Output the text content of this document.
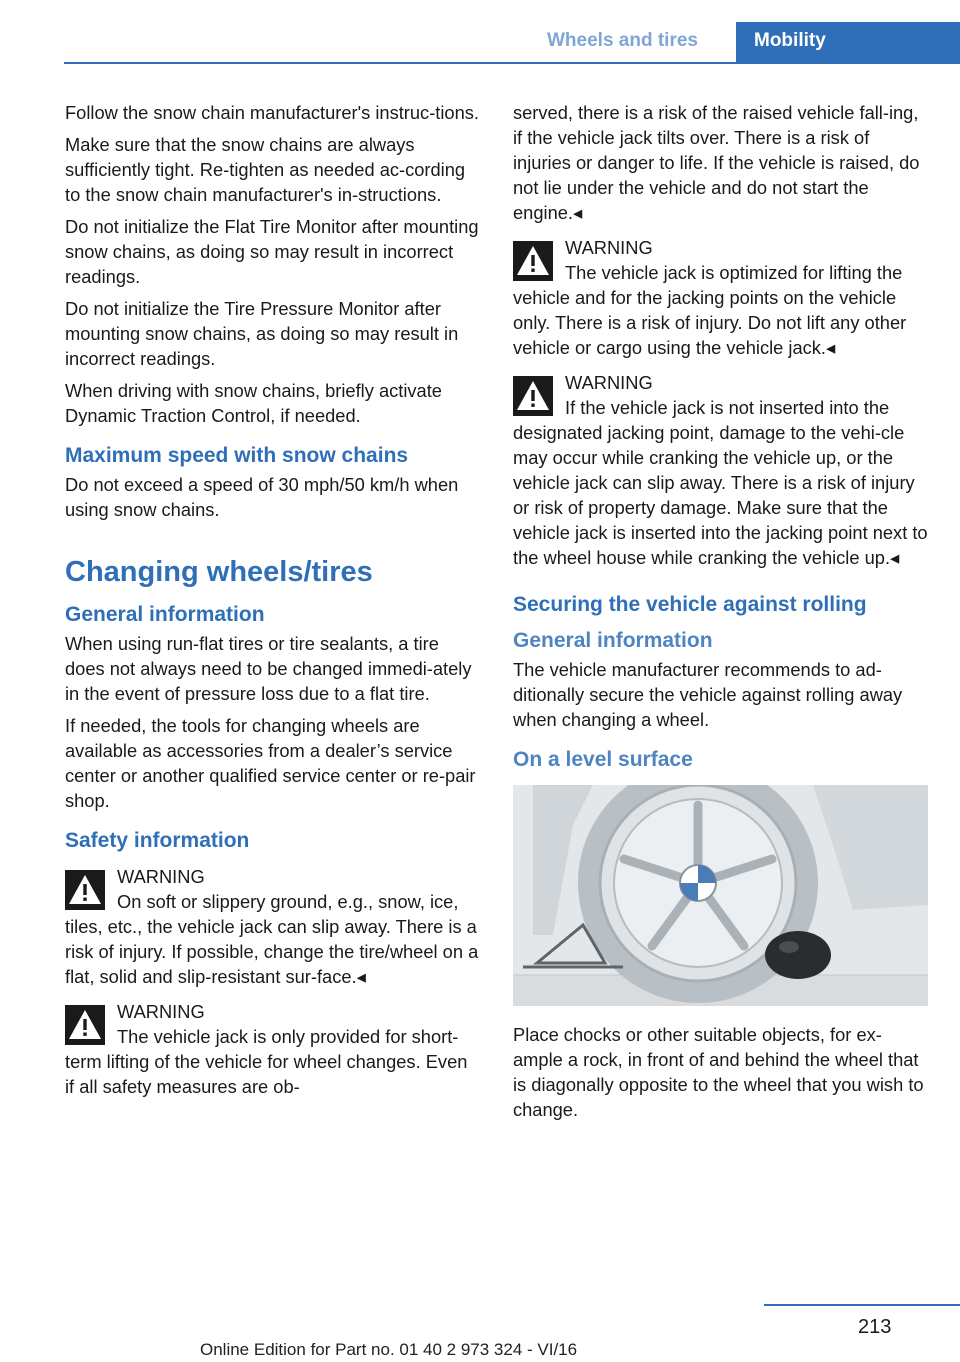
Wheels and tires	Mobility

Follow the snow chain manufacturer's instruc-tions.

Make sure that the snow chains are always sufficiently tight. Re-tighten as needed ac-cording to the snow chain manufacturer's in-structions.

Do not initialize the Flat Tire Monitor after mounting snow chains, as doing so may result in incorrect readings.

Do not initialize the Tire Pressure Monitor after mounting snow chains, as doing so may result in incorrect readings.

When driving with snow chains, briefly activate Dynamic Traction Control, if needed.

Maximum speed with snow chains

Do not exceed a speed of 30 mph/50 km/h when using snow chains.

Changing wheels/tires
General information

When using run-flat tires or tire sealants, a tire does not always need to be changed immedi-ately in the event of pressure loss due to a flat tire.

If needed, the tools for changing wheels are available as accessories from a dealer’s service center or another qualified service center or re-pair shop.

Safety information
WARNING
On soft or slippery ground, e.g., snow, ice, tiles, etc., the vehicle jack can slip away. There is a risk of injury. If possible, change the tire/wheel on a flat, solid and slip-resistant sur-face.◂
WARNING
The vehicle jack is only provided for short-term lifting of the vehicle for wheel changes. Even if all safety measures are ob-

served, there is a risk of the raised vehicle fall-ing, if the vehicle jack tilts over. There is a risk of injuries or danger to life. If the vehicle is raised, do not lie under the vehicle and do not start the engine.◂

WARNING
The vehicle jack is optimized for lifting the vehicle and for the jacking points on the vehicle only. There is a risk of injury. Do not lift any other vehicle or cargo using the vehicle jack.◂
WARNING
If the vehicle jack is not inserted into the designated jacking point, damage to the vehi-cle may occur while cranking the vehicle up, or the vehicle jack can slip away. There is a risk of injury or risk of property damage. Make sure that the vehicle jack is inserted into the jacking point next to the wheel house while cranking the vehicle up.◂
Securing the vehicle against rolling
General information

The vehicle manufacturer recommends to ad-ditionally secure the vehicle against rolling away when changing a wheel.

On a level surface

Place chocks or other suitable objects, for ex-ample a rock, in front of and behind the wheel that is diagonally opposite to the wheel that you wish to change.

213
Online Edition for Part no. 01 40 2 973 324 - VI/16
